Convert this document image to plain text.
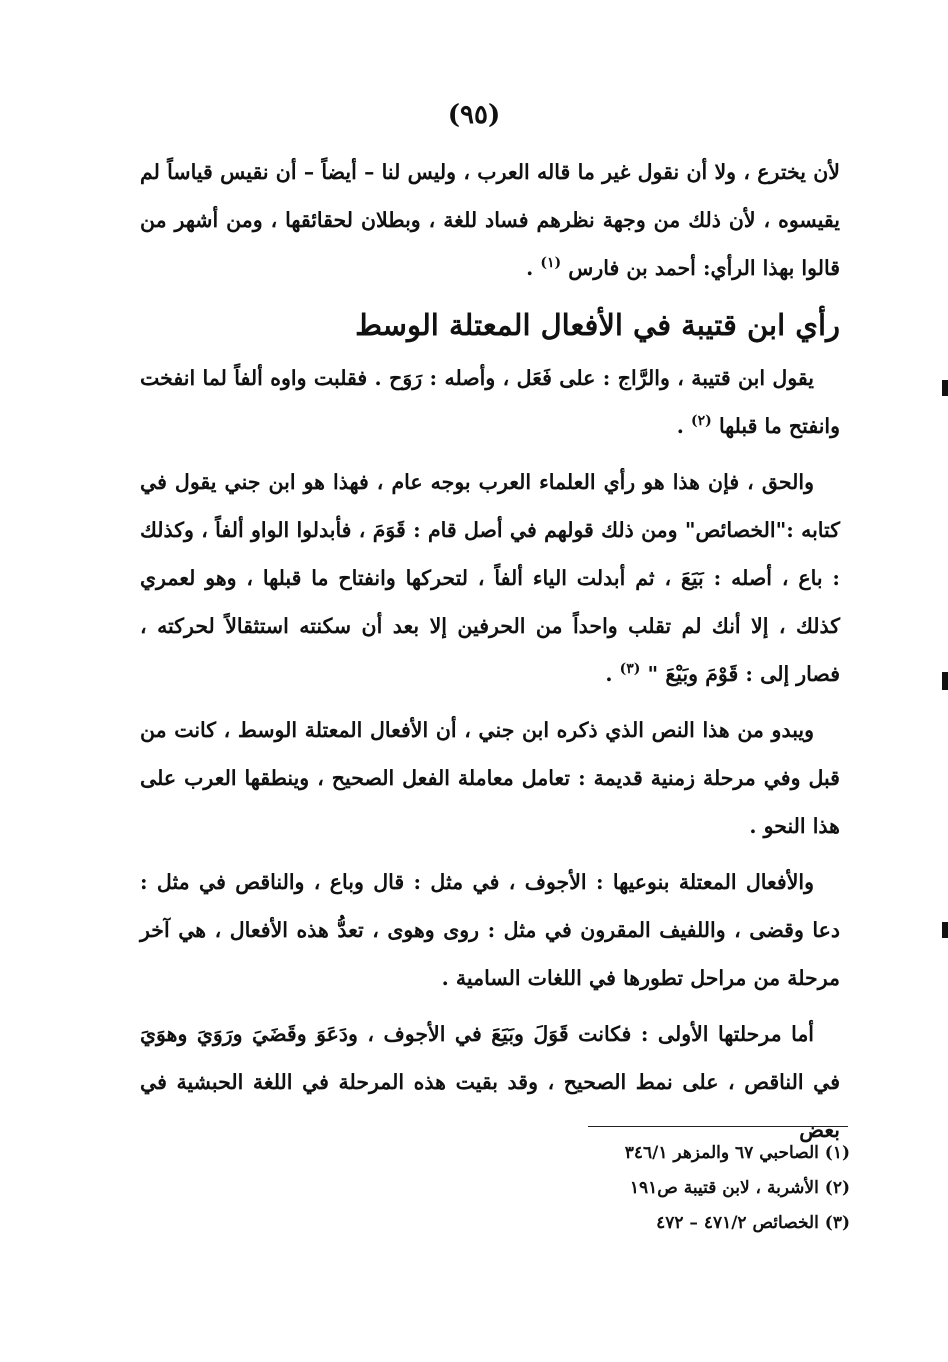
(٩٥)

لأن يخترع ، ولا أن نقول غير ما قاله العرب ، وليس لنا – أيضاً – أن نقيس قياساً لم يقيسوه ، لأن ذلك من وجهة نظرهم فساد للغة ، وبطلان لحقائقها ، ومن أشهر من قالوا بهذا الرأي: أحمد بن فارس $^{(١)}$ .

رأي ابن قتيبة في الأفعال المعتلة الوسط

يقول ابن قتيبة ، والرَّاج : على فَعَل ، وأصله : رَوَح . فقلبت واوه ألفاً لما انفخت وانفتح ما قبلها $^{(٢)}$ .

والحق ، فإن هذا هو رأي العلماء العرب بوجه عام ، فهذا هو ابن جني يقول في كتابه :"الخصائص" ومن ذلك قولهم في أصل قام : قَوَمَ ، فأبدلوا الواو ألفاً ، وكذلك : باع ، أصله : بَيَعَ ، ثم أبدلت الياء ألفاً ، لتحركها وانفتاح ما قبلها ، وهو لعمري كذلك ، إلا أنك لم تقلب واحداً من الحرفين إلا بعد أن سكنته استثقالاً لحركته ، فصار إلى : قَوْمَ وبَيْعَ " $^{(٣)}$ .

ويبدو من هذا النص الذي ذكره ابن جني ، أن الأفعال المعتلة الوسط ، كانت من قبل وفي مرحلة زمنية قديمة : تعامل معاملة الفعل الصحيح ، وينطقها العرب على هذا النحو .

والأفعال المعتلة بنوعيها : الأجوف ، في مثل : قال وباع ، والناقص في مثل : دعا وقضى ، واللفيف المقرون في مثل : روى وهوى ، تعدُّ هذه الأفعال ، هي آخر مرحلة من مراحل تطورها في اللغات السامية .

أما مرحلتها الأولى : فكانت قَوَلَ وبَيَعَ في الأجوف ، ودَعَوَ وقَضَيَ ورَوَيَ وهوَيَ في الناقص ، على نمط الصحيح ، وقد بقيت هذه المرحلة في اللغة الحبشية في بعض

(١) الصاحبي ٦٧ والمزهر ٣٤٦/١
(٢) الأشربة ، لابن قتيبة ص١٩١
(٣) الخصائص ٤٧١/٢ – ٤٧٢
